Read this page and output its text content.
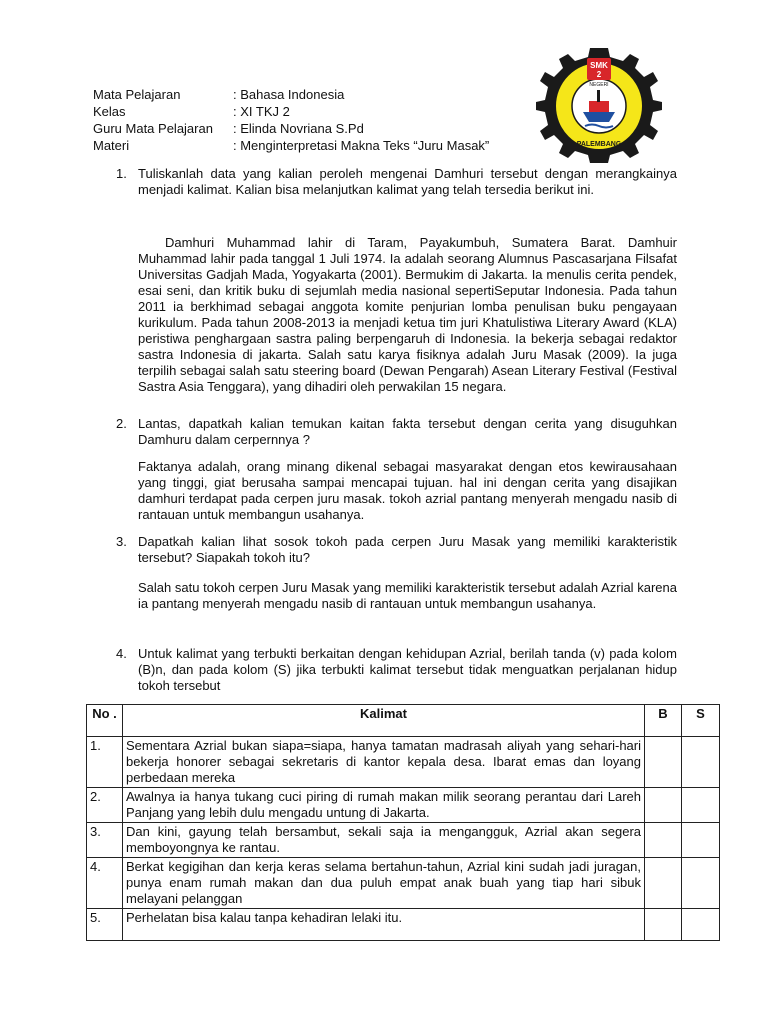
SMK
2
NEGERI
PALEMBANG
Mata Pelajaran	: Bahasa Indonesia
Kelas	: XI TKJ 2
Guru Mata Pelajaran	: Elinda Novriana S.Pd
Materi	: Menginterpretasi Makna Teks “Juru Masak”
1. Tuliskanlah data yang kalian peroleh mengenai Damhuri tersebut dengan merangkainya menjadi kalimat. Kalian bisa melanjutkan kalimat yang telah tersedia berikut ini.
Damhuri Muhammad lahir di Taram, Payakumbuh, Sumatera Barat. Damhuir Muhammad lahir pada tanggal 1 Juli 1974. Ia adalah seorang Alumnus Pascasarjana Filsafat Universitas Gadjah Mada, Yogyakarta (2001). Bermukim di Jakarta. Ia menulis cerita pendek, esai seni, dan kritik buku di sejumlah media nasional sepertiSeputar Indonesia. Pada tahun 2011 ia berkhimad sebagai anggota komite penjurian lomba penulisan buku pengayaan kurikulum. Pada tahun 2008-2013 ia menjadi ketua tim juri Khatulistiwa Literary Award (KLA) peristiwa penghargaan sastra paling berpengaruh di Indonesia. Ia bekerja sebagai redaktor sastra Indonesia di jakarta. Salah satu karya fisiknya adalah Juru Masak (2009). Ia juga terpilih sebagai salah satu steering board (Dewan Pengarah) Asean Literary Festival (Festival Sastra Asia Tenggara), yang dihadiri oleh perwakilan 15 negara.
2. Lantas, dapatkah kalian temukan kaitan fakta tersebut dengan cerita yang disuguhkan Damhuru dalam cerpernnya ?
Faktanya adalah, orang minang dikenal sebagai masyarakat dengan etos kewirausahaan yang tinggi, giat berusaha sampai mencapai tujuan. hal ini dengan cerita yang disajikan damhuri terdapat pada cerpen juru masak. tokoh azrial pantang menyerah mengadu nasib di rantauan untuk membangun usahanya.
3. Dapatkah kalian lihat sosok tokoh pada cerpen Juru Masak yang memiliki karakteristik tersebut? Siapakah tokoh itu?
Salah satu tokoh cerpen Juru Masak yang memiliki karakteristik tersebut adalah Azrial karena ia pantang menyerah mengadu nasib di rantauan untuk membangun usahanya.
4. Untuk kalimat yang terbukti berkaitan dengan kehidupan Azrial, berilah tanda (v) pada kolom (B)n, dan pada kolom (S) jika terbukti kalimat tersebut tidak menguatkan perjalanan hidup tokoh tersebut
No .	Kalimat	B	S
1.	Sementara Azrial bukan siapa=siapa, hanya tamatan madrasah aliyah yang sehari-hari bekerja honorer sebagai sekretaris di kantor kepala desa. Ibarat emas dan loyang perbedaan mereka		
2.	Awalnya ia hanya tukang cuci piring di rumah makan milik seorang perantau dari Lareh Panjang yang lebih dulu mengadu untung di Jakarta.		
3.	Dan kini, gayung telah bersambut, sekali saja ia mengangguk, Azrial akan segera memboyongnya ke rantau.		
4.	Berkat kegigihan dan kerja keras selama bertahun-tahun, Azrial kini sudah jadi juragan, punya enam rumah makan dan dua puluh empat anak buah yang tiap hari sibuk melayani pelanggan		
5.	Perhelatan bisa kalau tanpa kehadiran lelaki itu.		
